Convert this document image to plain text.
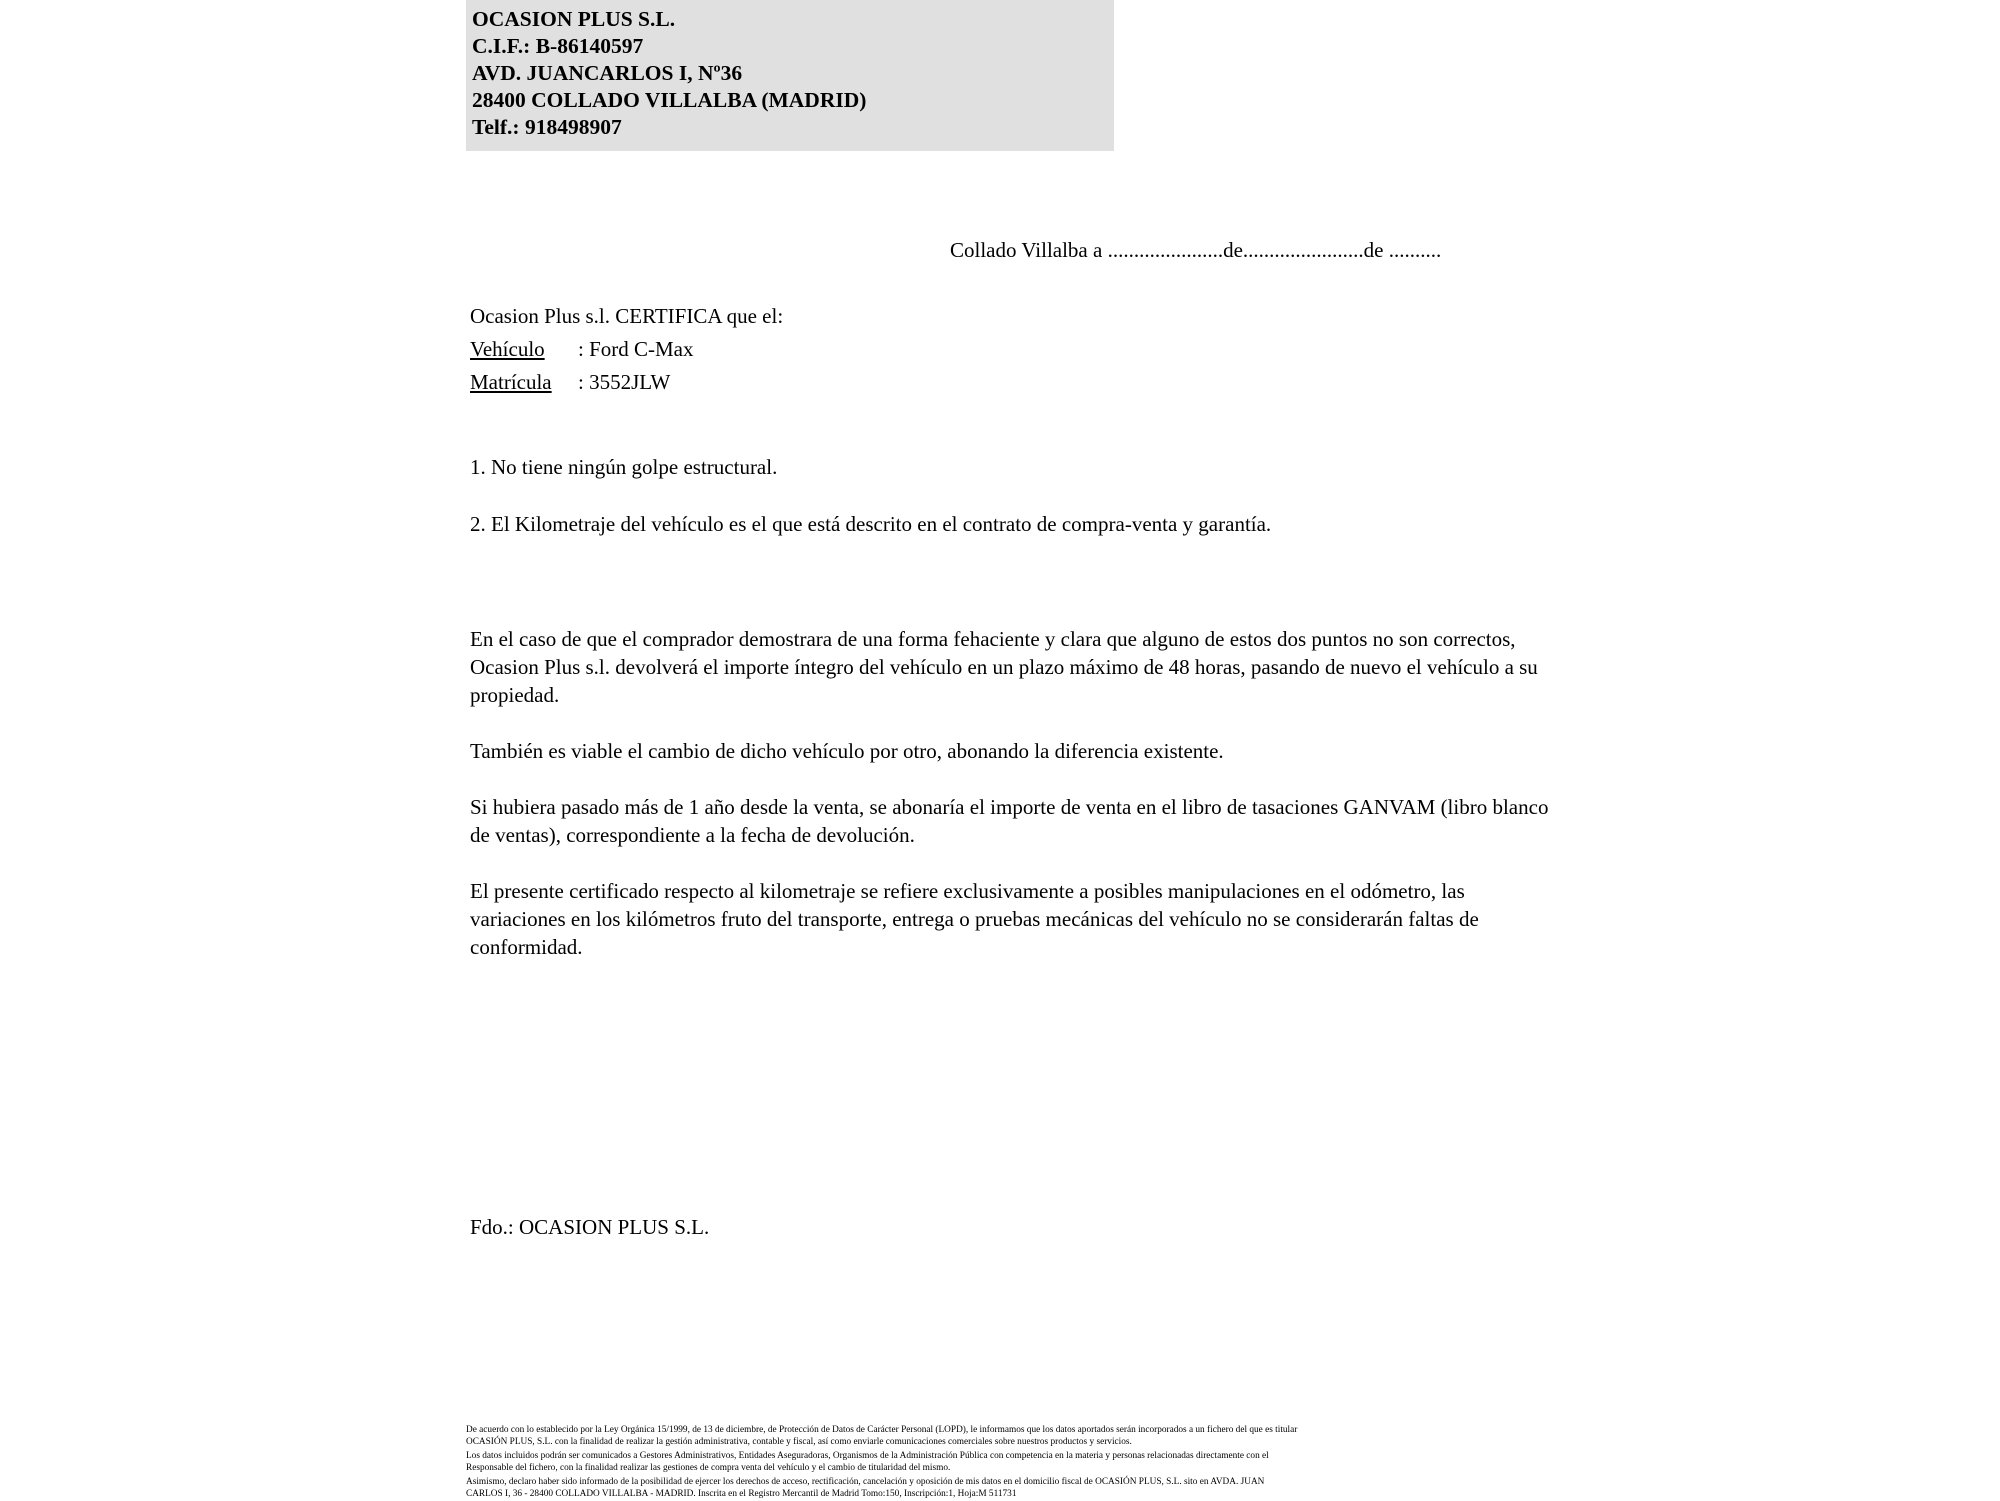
OCASION PLUS S.L.
C.I.F.: B-86140597
AVD. JUANCARLOS I, Nº36
28400 COLLADO VILLALBA (MADRID)
Telf.: 918498907
Collado Villalba a ......................de.......................de ..........
Ocasion Plus s.l. CERTIFICA que el:
Vehículo : Ford C-Max
Matrícula : 3552JLW

1. No tiene ningún golpe estructural.

2. El Kilometraje del vehículo es el que está descrito en el contrato de compra-venta y garantía.

En el caso de que el comprador demostrara de una forma fehaciente y clara que alguno de estos dos puntos no son correctos, Ocasion Plus s.l. devolverá el importe íntegro del vehículo en un plazo máximo de 48 horas, pasando de nuevo el vehículo a su propiedad.

También es viable el cambio de dicho vehículo por otro, abonando la diferencia existente.

Si hubiera pasado más de 1 año desde la venta, se abonaría el importe de venta en el libro de tasaciones GANVAM (libro blanco de ventas), correspondiente a la fecha de devolución.

El presente certificado respecto al kilometraje se refiere exclusivamente a posibles manipulaciones en el odómetro, las variaciones en los kilómetros fruto del transporte, entrega o pruebas mecánicas del vehículo no se considerarán faltas de conformidad.

Fdo.: OCASION PLUS S.L.

De acuerdo con lo establecido por la Ley Orgánica 15/1999, de 13 de diciembre, de Protección de Datos de Carácter Personal (LOPD), le informamos que los datos aportados serán incorporados a un fichero del que es titular

OCASIÓN PLUS, S.L. con la finalidad de realizar la gestión administrativa, contable y fiscal, así como enviarle comunicaciones comerciales sobre nuestros productos y servicios.

Los datos incluidos podrán ser comunicados a Gestores Administrativos, Entidades Aseguradoras, Organismos de la Administración Pública con competencia en la materia y personas relacionadas directamente con el

Responsable del fichero, con la finalidad realizar las gestiones de compra venta del vehículo y el cambio de titularidad del mismo.

Asimismo, declaro haber sido informado de la posibilidad de ejercer los derechos de acceso, rectificación, cancelación y oposición de mis datos en el domicilio fiscal de OCASIÓN PLUS, S.L. sito en AVDA. JUAN

CARLOS I, 36 - 28400 COLLADO VILLALBA - MADRID. Inscrita en el Registro Mercantil de Madrid Tomo:150, Inscripción:1, Hoja:M 511731
